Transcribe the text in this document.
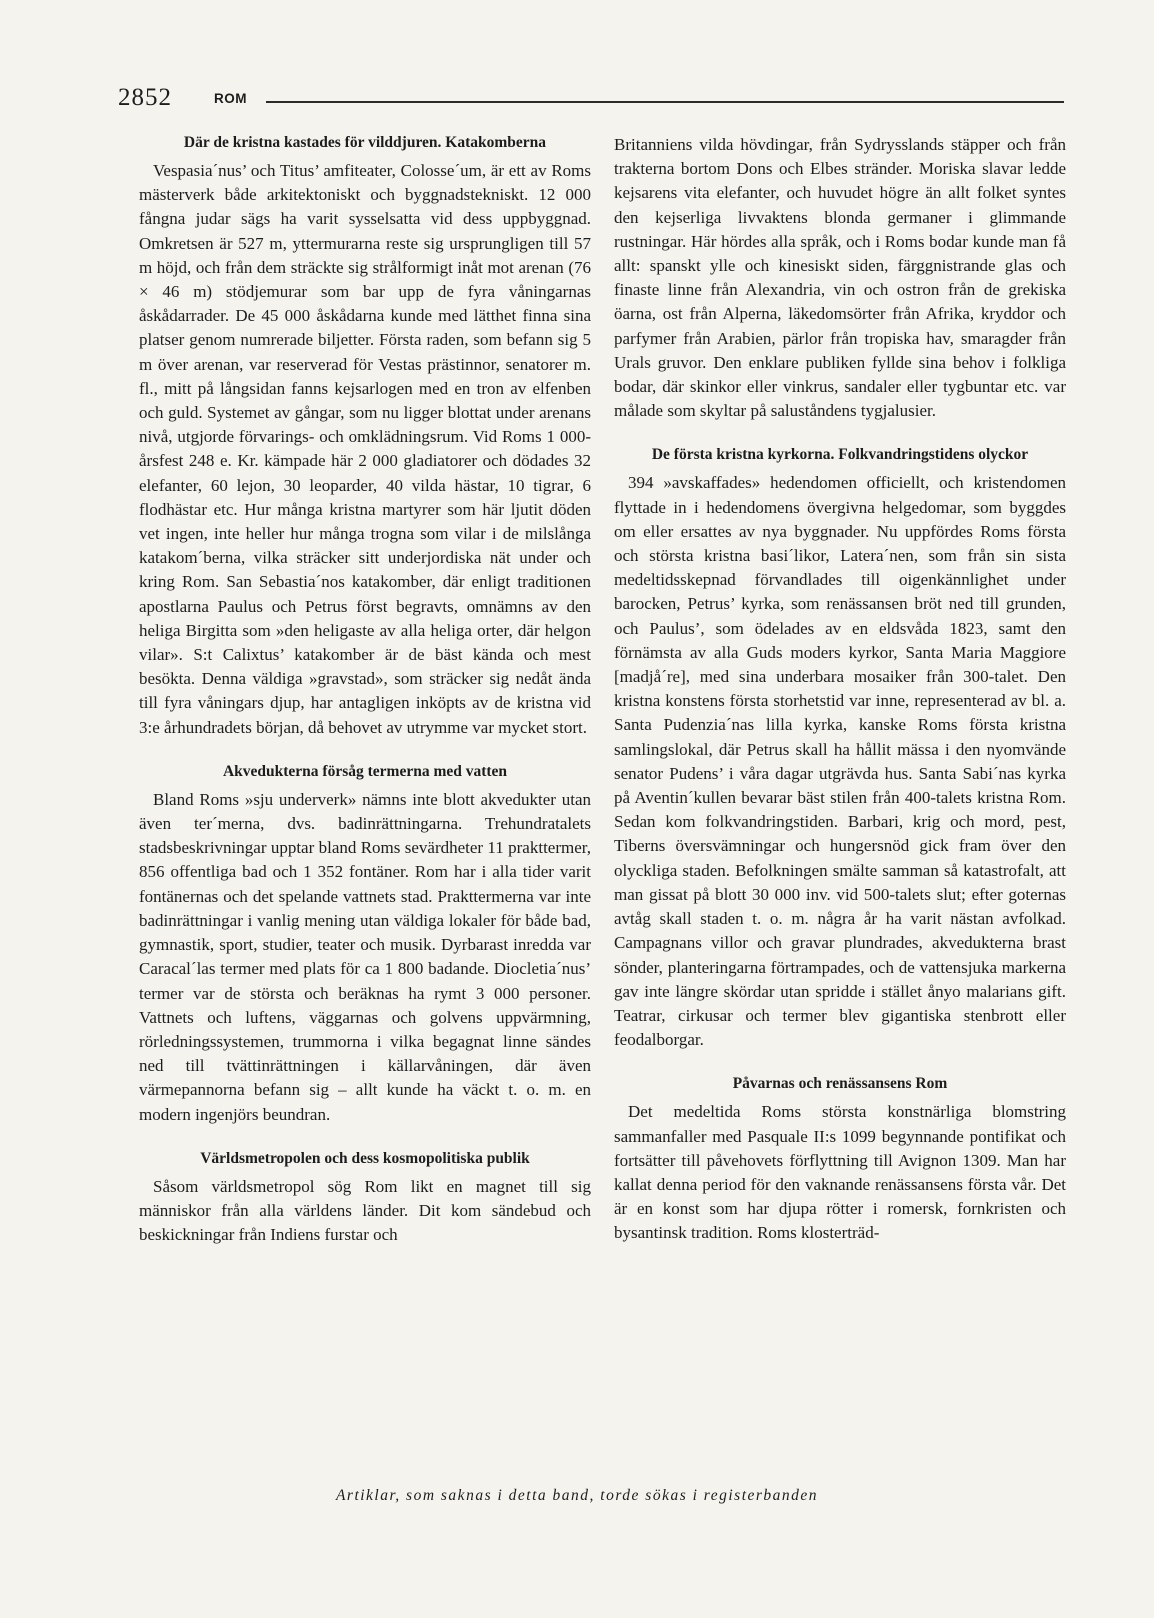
2852	ROM
Där de kristna kastades för vilddjuren. Katakomberna

Vespasia´nus’ och Titus’ amfiteater, Colosse´um, är ett av Roms mästerverk både arkitektoniskt och byggnadstekniskt. 12 000 fångna judar sägs ha varit sysselsatta vid dess uppbyggnad. Omkretsen är 527 m, yttermurarna reste sig ursprungligen till 57 m höjd, och från dem sträckte sig strålformigt inåt mot arenan (76 × 46 m) stödjemurar som bar upp de fyra våningarnas åskådarrader. De 45 000 åskådarna kunde med lätthet finna sina platser genom numrerade biljetter. Första raden, som befann sig 5 m över arenan, var reserverad för Vestas prästinnor, senatorer m. fl., mitt på långsidan fanns kejsarlogen med en tron av elfenben och guld. Systemet av gångar, som nu ligger blottat under arenans nivå, utgjorde förvarings- och omklädningsrum. Vid Roms 1 000-årsfest 248 e. Kr. kämpade här 2 000 gladiatorer och dödades 32 elefanter, 60 lejon, 30 leoparder, 40 vilda hästar, 10 tigrar, 6 flodhästar etc. Hur många kristna martyrer som här ljutit döden vet ingen, inte heller hur många trogna som vilar i de milslånga katakom´berna, vilka sträcker sitt underjordiska nät under och kring Rom. San Sebastia´nos katakomber, där enligt traditionen apostlarna Paulus och Petrus först begravts, omnämns av den heliga Birgitta som »den heligaste av alla heliga orter, där helgon vilar». S:t Calixtus’ katakomber är de bäst kända och mest besökta. Denna väldiga »gravstad», som sträcker sig nedåt ända till fyra våningars djup, har antagligen inköpts av de kristna vid 3:e århundradets början, då behovet av utrymme var mycket stort.

Akvedukterna försåg termerna med vatten

Bland Roms »sju underverk» nämns inte blott akvedukter utan även ter´merna, dvs. badinrättningarna. Trehundratalets stadsbeskrivningar upptar bland Roms sevärdheter 11 prakttermer, 856 offentliga bad och 1 352 fontäner. Rom har i alla tider varit fontänernas och det spelande vattnets stad. Prakttermerna var inte badinrättningar i vanlig mening utan väldiga lokaler för både bad, gymnastik, sport, studier, teater och musik. Dyrbarast inredda var Caracal´las termer med plats för ca 1 800 badande. Diocletia´nus’ termer var de största och beräknas ha rymt 3 000 personer. Vattnets och luftens, väggarnas och golvens uppvärmning, rörledningssystemen, trummorna i vilka begagnat linne sändes ned till tvättinrättningen i källarvåningen, där även värmepannorna befann sig – allt kunde ha väckt t. o. m. en modern ingenjörs beundran.

Världsmetropolen och dess kosmopolitiska publik

Såsom världsmetropol sög Rom likt en magnet till sig människor från alla världens länder. Dit kom sändebud och beskickningar från Indiens furstar och

Britanniens vilda hövdingar, från Sydrysslands stäpper och från trakterna bortom Dons och Elbes stränder. Moriska slavar ledde kejsarens vita elefanter, och huvudet högre än allt folket syntes den kejserliga livvaktens blonda germaner i glimmande rustningar. Här hördes alla språk, och i Roms bodar kunde man få allt: spanskt ylle och kinesiskt siden, färggnistrande glas och finaste linne från Alexandria, vin och ostron från de grekiska öarna, ost från Alperna, läkedomsörter från Afrika, kryddor och parfymer från Arabien, pärlor från tropiska hav, smaragder från Urals gruvor. Den enklare publiken fyllde sina behov i folkliga bodar, där skinkor eller vinkrus, sandaler eller tygbuntar etc. var målade som skyltar på saluståndens tygjalusier.

De första kristna kyrkorna. Folkvandringstidens olyckor

394 »avskaffades» hedendomen officiellt, och kristendomen flyttade in i hedendomens övergivna helgedomar, som byggdes om eller ersattes av nya byggnader. Nu uppfördes Roms första och största kristna basi´likor, Latera´nen, som från sin sista medeltidsskepnad förvandlades till oigenkännlighet under barocken, Petrus’ kyrka, som renässansen bröt ned till grunden, och Paulus’, som ödelades av en eldsvåda 1823, samt den förnämsta av alla Guds moders kyrkor, Santa Maria Maggiore [madjå´re], med sina underbara mosaiker från 300-talet. Den kristna konstens första storhetstid var inne, representerad av bl. a. Santa Pudenzia´nas lilla kyrka, kanske Roms första kristna samlingslokal, där Petrus skall ha hållit mässa i den nyomvände senator Pudens’ i våra dagar utgrävda hus. Santa Sabi´nas kyrka på Aventin´kullen bevarar bäst stilen från 400-talets kristna Rom. Sedan kom folkvandringstiden. Barbari, krig och mord, pest, Tiberns översvämningar och hungersnöd gick fram över den olyckliga staden. Befolkningen smälte samman så katastrofalt, att man gissat på blott 30 000 inv. vid 500-talets slut; efter goternas avtåg skall staden t. o. m. några år ha varit nästan avfolkad. Campagnans villor och gravar plundrades, akvedukterna brast sönder, planteringarna förtrampades, och de vattensjuka markerna gav inte längre skördar utan spridde i stället ånyo malarians gift. Teatrar, cirkusar och termer blev gigantiska stenbrott eller feodalborgar.

Påvarnas och renässansens Rom

Det medeltida Roms största konstnärliga blomstring sammanfaller med Pasquale II:s 1099 begynnande pontifikat och fortsätter till påvehovets förflyttning till Avignon 1309. Man har kallat denna period för den vaknande renässansens första vår. Det är en konst som har djupa rötter i romersk, fornkristen och bysantinsk tradition. Roms klosterträd-

Artiklar, som saknas i detta band, torde sökas i registerbanden
